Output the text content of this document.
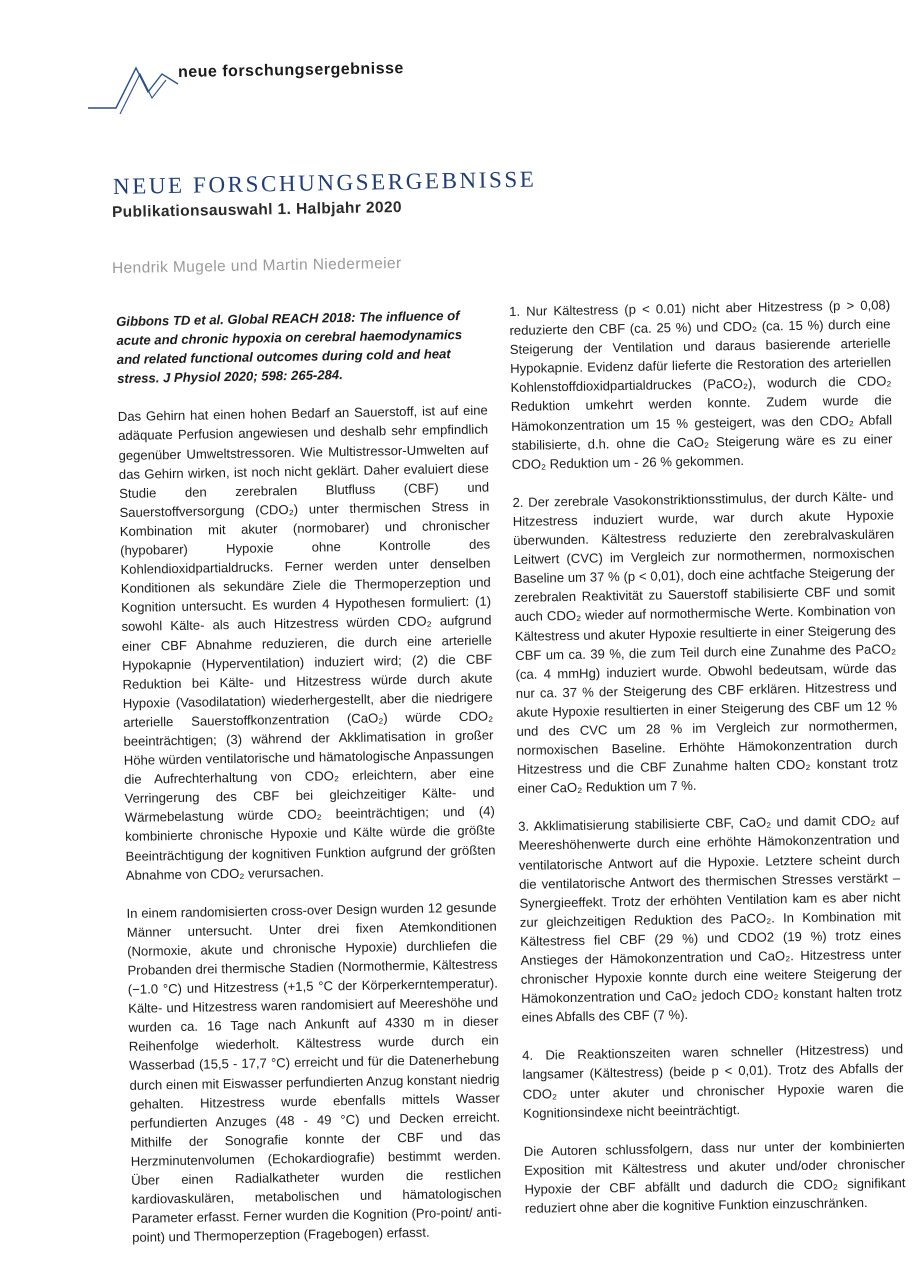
neue forschungsergebnisse
NEUE FORSCHUNGSERGEBNISSE
Publikationsauswahl 1. Halbjahr 2020
Hendrik Mugele und Martin Niedermeier

Gibbons TD et al. Global REACH 2018: The influence of acute and chronic hypoxia on cerebral haemodynamics and related functional outcomes during cold and heat stress. J Physiol 2020; 598: 265-284.

Das Gehirn hat einen hohen Bedarf an Sauerstoff, ist auf eine adäquate Perfusion angewiesen und deshalb sehr empfindlich gegenüber Umweltstressoren. Wie Multistressor-Umwelten auf das Gehirn wirken, ist noch nicht geklärt. Daher evaluiert diese Studie den zerebralen Blutfluss (CBF) und Sauerstoffversorgung (CDO₂) unter thermischen Stress in Kombination mit akuter (normobarer) und chronischer (hypobarer) Hypoxie ohne Kontrolle des Kohlendioxidpartialdrucks. Ferner werden unter denselben Konditionen als sekundäre Ziele die Thermoperzeption und Kognition untersucht. Es wurden 4 Hypothesen formuliert: (1) sowohl Kälte- als auch Hitzestress würden CDO₂ aufgrund einer CBF Abnahme reduzieren, die durch eine arterielle Hypokapnie (Hyperventilation) induziert wird; (2) die CBF Reduktion bei Kälte- und Hitzestress würde durch akute Hypoxie (Vasodilatation) wiederhergestellt, aber die niedrigere arterielle Sauerstoffkonzentration (CaO₂) würde CDO₂ beeinträchtigen; (3) während der Akklimatisation in großer Höhe würden ventilatorische und hämatologische Anpassungen die Aufrechterhaltung von CDO₂ erleichtern, aber eine Verringerung des CBF bei gleichzeitiger Kälte- und Wärmebelastung würde CDO₂ beeinträchtigen; und (4) kombinierte chronische Hypoxie und Kälte würde die größte Beeinträchtigung der kognitiven Funktion aufgrund der größten Abnahme von CDO₂ verursachen.

In einem randomisierten cross-over Design wurden 12 gesunde Männer untersucht. Unter drei fixen Atemkonditionen (Normoxie, akute und chronische Hypoxie) durchliefen die Probanden drei thermische Stadien (Normothermie, Kältestress (−1.0 °C) und Hitzestress (+1,5 °C der Körperkerntemperatur). Kälte- und Hitzestress waren randomisiert auf Meereshöhe und wurden ca. 16 Tage nach Ankunft auf 4330 m in dieser Reihenfolge wiederholt. Kältestress wurde durch ein Wasserbad (15,5 - 17,7 °C) erreicht und für die Datenerhebung durch einen mit Eiswasser perfundierten Anzug konstant niedrig gehalten. Hitzestress wurde ebenfalls mittels Wasser perfundierten Anzuges (48 - 49 °C) und Decken erreicht. Mithilfe der Sonografie konnte der CBF und das Herzminutenvolumen (Echokardiografie) bestimmt werden. Über einen Radialkatheter wurden die restlichen kardiovaskulären, metabolischen und hämatologischen Parameter erfasst. Ferner wurden die Kognition (Pro-point/ anti-point) und Thermoperzeption (Fragebogen) erfasst.

1. Nur Kältestress (p < 0.01) nicht aber Hitzestress (p > 0,08) reduzierte den CBF (ca. 25 %) und CDO₂ (ca. 15 %) durch eine Steigerung der Ventilation und daraus basierende arterielle Hypokapnie. Evidenz dafür lieferte die Restoration des arteriellen Kohlenstoffdioxidpartialdruckes (PaCO₂), wodurch die CDO₂ Reduktion umkehrt werden konnte. Zudem wurde die Hämokonzentration um 15 % gesteigert, was den CDO₂ Abfall stabilisierte, d.h. ohne die CaO₂ Steigerung wäre es zu einer CDO₂ Reduktion um - 26 % gekommen.

2. Der zerebrale Vasokonstriktionsstimulus, der durch Kälte- und Hitzestress induziert wurde, war durch akute Hypoxie überwunden. Kältestress reduzierte den zerebralvaskulären Leitwert (CVC) im Vergleich zur normothermen, normoxischen Baseline um 37 % (p < 0,01), doch eine achtfache Steigerung der zerebralen Reaktivität zu Sauerstoff stabilisierte CBF und somit auch CDO₂ wieder auf normothermische Werte. Kombination von Kältestress und akuter Hypoxie resultierte in einer Steigerung des CBF um ca. 39 %, die zum Teil durch eine Zunahme des PaCO₂ (ca. 4 mmHg) induziert wurde. Obwohl bedeutsam, würde das nur ca. 37 % der Steigerung des CBF erklären. Hitzestress und akute Hypoxie resultierten in einer Steigerung des CBF um 12 % und des CVC um 28 % im Vergleich zur normothermen, normoxischen Baseline. Erhöhte Hämokonzentration durch Hitzestress und die CBF Zunahme halten CDO₂ konstant trotz einer CaO₂ Reduktion um 7 %.

3. Akklimatisierung stabilisierte CBF, CaO₂ und damit CDO₂ auf Meereshöhenwerte durch eine erhöhte Hämokonzentration und ventilatorische Antwort auf die Hypoxie. Letztere scheint durch die ventilatorische Antwort des thermischen Stresses verstärkt – Synergieeffekt. Trotz der erhöhten Ventilation kam es aber nicht zur gleichzeitigen Reduktion des PaCO₂. In Kombination mit Kältestress fiel CBF (29 %) und CDO2 (19 %) trotz eines Anstieges der Hämokonzentration und CaO₂. Hitzestress unter chronischer Hypoxie konnte durch eine weitere Steigerung der Hämokonzentration und CaO₂ jedoch CDO₂ konstant halten trotz eines Abfalls des CBF (7 %).

4. Die Reaktionszeiten waren schneller (Hitzestress) und langsamer (Kältestress) (beide p < 0,01). Trotz des Abfalls der CDO₂ unter akuter und chronischer Hypoxie waren die Kognitionsindexe nicht beeinträchtigt.

Die Autoren schlussfolgern, dass nur unter der kombinierten Exposition mit Kältestress und akuter und/oder chronischer Hypoxie der CBF abfällt und dadurch die CDO₂ signifikant reduziert ohne aber die kognitive Funktion einzuschränken.
